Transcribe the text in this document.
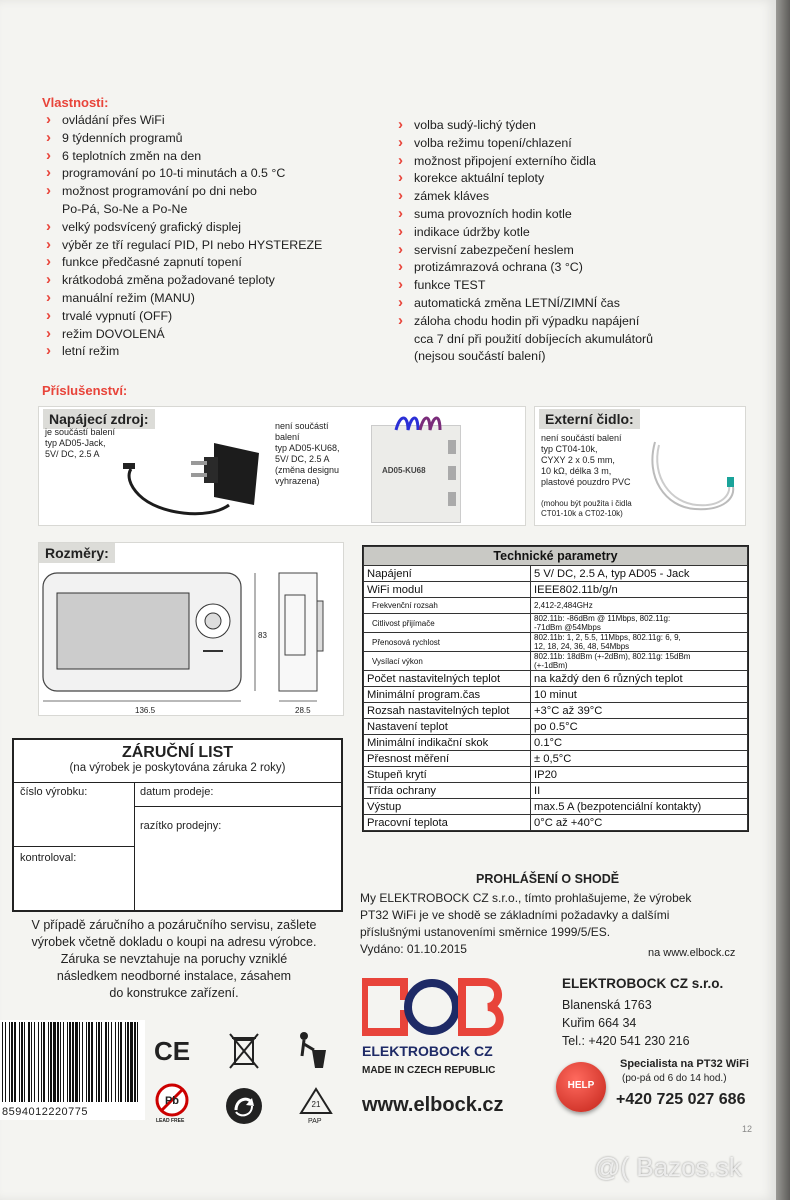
Vlastnosti:
› ovládání přes WiFi
› 9 týdenních programů
› 6 teplotních změn na den
› programování po 10-ti minutách a 0.5 °C
› možnost programování po dni nebo
Po-Pá, So-Ne a Po-Ne
› velký podsvícený grafický displej
› výběr ze tří regulací PID, PI nebo HYSTEREZE
› funkce předčasné zapnutí topení
› krátkodobá změna požadované teploty
› manuální režim (MANU)
› trvalé vypnutí (OFF)
› režim DOVOLENÁ
› letní režim
› volba sudý-lichý týden
› volba režimu topení/chlazení
› možnost připojení externího čidla
› korekce aktuální teploty
› zámek kláves
› suma provozních hodin kotle
› indikace údržby kotle
› servisní zabezpečení heslem
› protizámrazová ochrana (3 °C)
› funkce TEST
› automatická změna LETNÍ/ZIMNÍ čas
› záloha chodu hodin při výpadku napájení
cca 7 dní při použití dobíjecích akumulátorů
(nejsou součástí balení)
Příslušenství:
Napájecí zdroj:
je součástí balení
typ AD05-Jack,
5V/ DC, 2.5 A
není součástí
balení
typ AD05-KU68,
5V/ DC, 2.5 A
(změna designu
vyhrazena)
AD05-KU68
Externí čidlo:
není součástí balení
typ CT04-10k,
CYXY 2 x 0.5 mm,
10 kΩ, délka 3 m,
plastové pouzdro PVC
(mohou být použita i čidla
CT01-10k a CT02-10k)
Rozměry:
136.5
83
28.5
Technické parametry	
Napájení	5 V/ DC, 2.5 A, typ AD05 - Jack

WiFi modul	IEEE802.11b/g/n

Frekvenční rozsah	2,412-2,484GHz

Citlivost přijímače	802.11b: -86dBm @ 11Mbps, 802.11g:
-71dBm @54Mbps

Přenosová rychlost	802.11b: 1, 2, 5.5, 11Mbps, 802.11g: 6, 9,
12, 18, 24, 36, 48, 54Mbps

Vysílací výkon	802.11b: 18dBm (+-2dBm), 802.11g: 15dBm
(+-1dBm)

Počet nastavitelných teplot	na každý den 6 různých teplot

Minimální program.čas	10 minut

Rozsah nastavitelných teplot	+3°C až 39°C

Nastavení teplot	po 0.5°C

Minimální indikační skok	0.1°C

Přesnost měření	± 0,5°C

Stupeň krytí	IP20

Třída ochrany	II

Výstup	max.5 A (bezpotenciální kontakty)

Pracovní teplota	0°C až +40°C
ZÁRUČNÍ LIST
(na výrobek je poskytována záruka 2 roky)
číslo výrobku:	datum prodeje:
razítko prodejny:
kontroloval:
V případě záručního a pozáručního servisu, zašlete
výrobek včetně dokladu o koupi na adresu výrobce.
Záruka se nevztahuje na poruchy vzniklé
následkem neodborné instalace, zásahem
do konstrukce zařízení.
PROHLÁŠENÍ O SHODĚ
My ELEKTROBOCK CZ s.r.o., tímto prohlašujeme, že výrobek
PT32 WiFi je ve shodě se základními požadavky a dalšími
příslušnými ustanoveními směrnice 1999/5/ES.
Vydáno: 01.10.2015	na www.elbock.cz
ELEKTROBOCK CZ s.r.o.
Blanenská 1763
Kuřim 664 34
Tel.: +420 541 230 216
ELEKTROBOCK CZ
MADE IN CZECH REPUBLIC
www.elbock.cz
HELP
Specialista na PT32 WiFi
(po-pá od 6 do 14 hod.)
+420 725 027 686
8594012220775
CE
Pb
LEAD FREE
21
PAP
12
@( Bazos.sk
